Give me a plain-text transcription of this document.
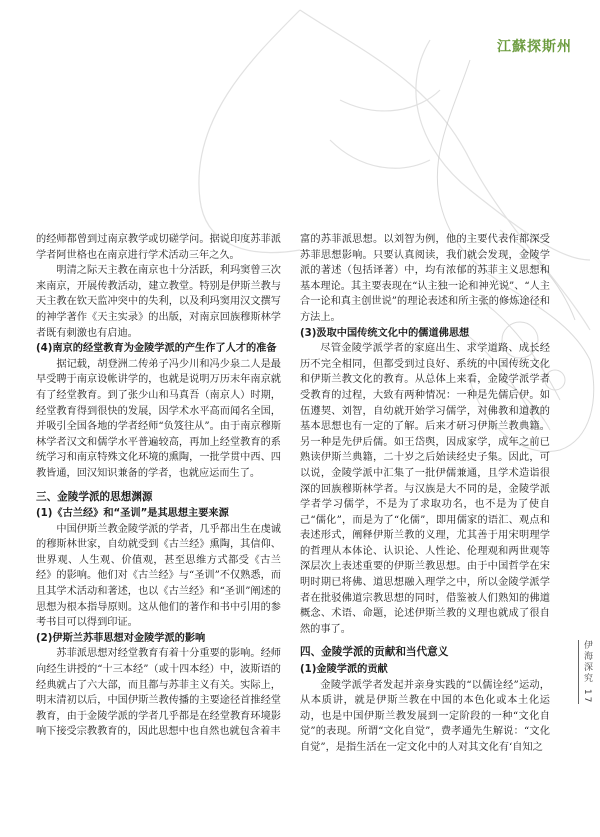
江蘇探斯州
伊海深究 17

的经师都曾到过南京教学或切磋学问。据说印度苏菲派学者阿世格也在南京进行学术活动三年之久。

明清之际天主教在南京也十分活跃，利玛窦曾三次来南京，开展传教活动，建立教堂。特别是伊斯兰教与天主教在钦天监冲突中的失利，以及利玛窦用汉文撰写的神学著作《天主实录》的出版，对南京回族穆斯林学者既有刺激也有启迪。

(4)南京的经堂教育为金陵学派的产生作了人才的准备

据记载，胡登洲二传弟子冯少川和冯少泉二人是最早受聘于南京设帐讲学的，也就是说明万历末年南京就有了经堂教育。到了张少山和马真吾（南京人）时期，经堂教育得到很快的发展，因学术水平高而闻名全国，并吸引全国各地的学者经师“负笈往从”。由于南京穆斯林学者汉文和儒学水平普遍较高，再加上经堂教育的系统学习和南京特殊文化环境的熏陶，一批学贯中西、四教皆通，回汉知识兼备的学者，也就应运而生了。

三、金陵学派的思想渊源
(1)《古兰经》和“圣训”是其思想主要来源

中国伊斯兰教金陵学派的学者，几乎都出生在虔诚的穆斯林世家，自幼就受到《古兰经》熏陶，其信仰、世界观、人生观、价值观，甚至思维方式都受《古兰经》的影响。他们对《古兰经》与“圣训”不仅熟悉，而且其学术活动和著述，也以《古兰经》和“圣训”阐述的思想为根本指导原则。这从他们的著作和书中引用的参考书目可以得到印证。

(2)伊斯兰苏菲思想对金陵学派的影响

苏菲派思想对经堂教育有着十分重要的影响。经师向经生讲授的“十三本经”（或十四本经）中，波斯语的经典就占了六大部，而且都与苏菲主义有关。实际上，明末清初以后，中国伊斯兰教传播的主要途径首推经堂教育，由于金陵学派的学者几乎都是在经堂教育环境影响下接受宗教教育的，因此思想中也自然也就包含着丰

富的苏菲派思想。以刘智为例，他的主要代表作都深受苏菲思想影响。只要认真阅读，我们就会发现，金陵学派的著述（包括译著）中，均有浓郁的苏菲主义思想和基本理论。其主要表现在“认主独一论和神光说”、“人主合一论和真主创世说”的理论表述和所主张的修炼途径和方法上。

(3)汲取中国传统文化中的儒道佛思想

尽管金陵学派学者的家庭出生、求学道路、成长经历不完全相同，但都受到过良好、系统的中国传统文化和伊斯兰教文化的教育。从总体上来看，金陵学派学者受教育的过程，大致有两种情况：一种是先儒后伊。如伍遵契、刘智，自幼就开始学习儒学，对佛教和道教的基本思想也有一定的了解。后来才研习伊斯兰教典籍。另一种是先伊后儒。如王岱舆，因成家学，成年之前已熟读伊斯兰典籍，二十岁之后始读经史子集。因此，可以说，金陵学派中汇集了一批伊儒兼通，且学术造诣很深的回族穆斯林学者。与汉族是大不同的是，金陵学派学者学习儒学，不是为了求取功名，也不是为了使自己“儒化”，而是为了“化儒”，即用儒家的语汇、观点和表述形式，阐释伊斯兰教的义理，尤其善于用宋明理学的哲理从本体论、认识论、人性论、伦理观和两世观等深层次上表述重要的伊斯兰教思想。由于中国哲学在宋明时期已将佛、道思想融入理学之中，所以金陵学派学者在批驳佛道宗教思想的同时，借鉴被人们熟知的佛道概念、术语、命题，论述伊斯兰教的义理也就成了很自然的事了。

四、金陵学派的贡献和当代意义
(1)金陵学派的贡献

金陵学派学者发起并亲身实践的“以儒诠经”运动，从本质讲，就是伊斯兰教在中国的本色化或本土化运动，也是中国伊斯兰教发展到一定阶段的一种“文化自觉”的表现。所谓“文化自觉”，费孝通先生解说：“文化自觉”，是指生活在一定文化中的人对其文化有‘自知之
